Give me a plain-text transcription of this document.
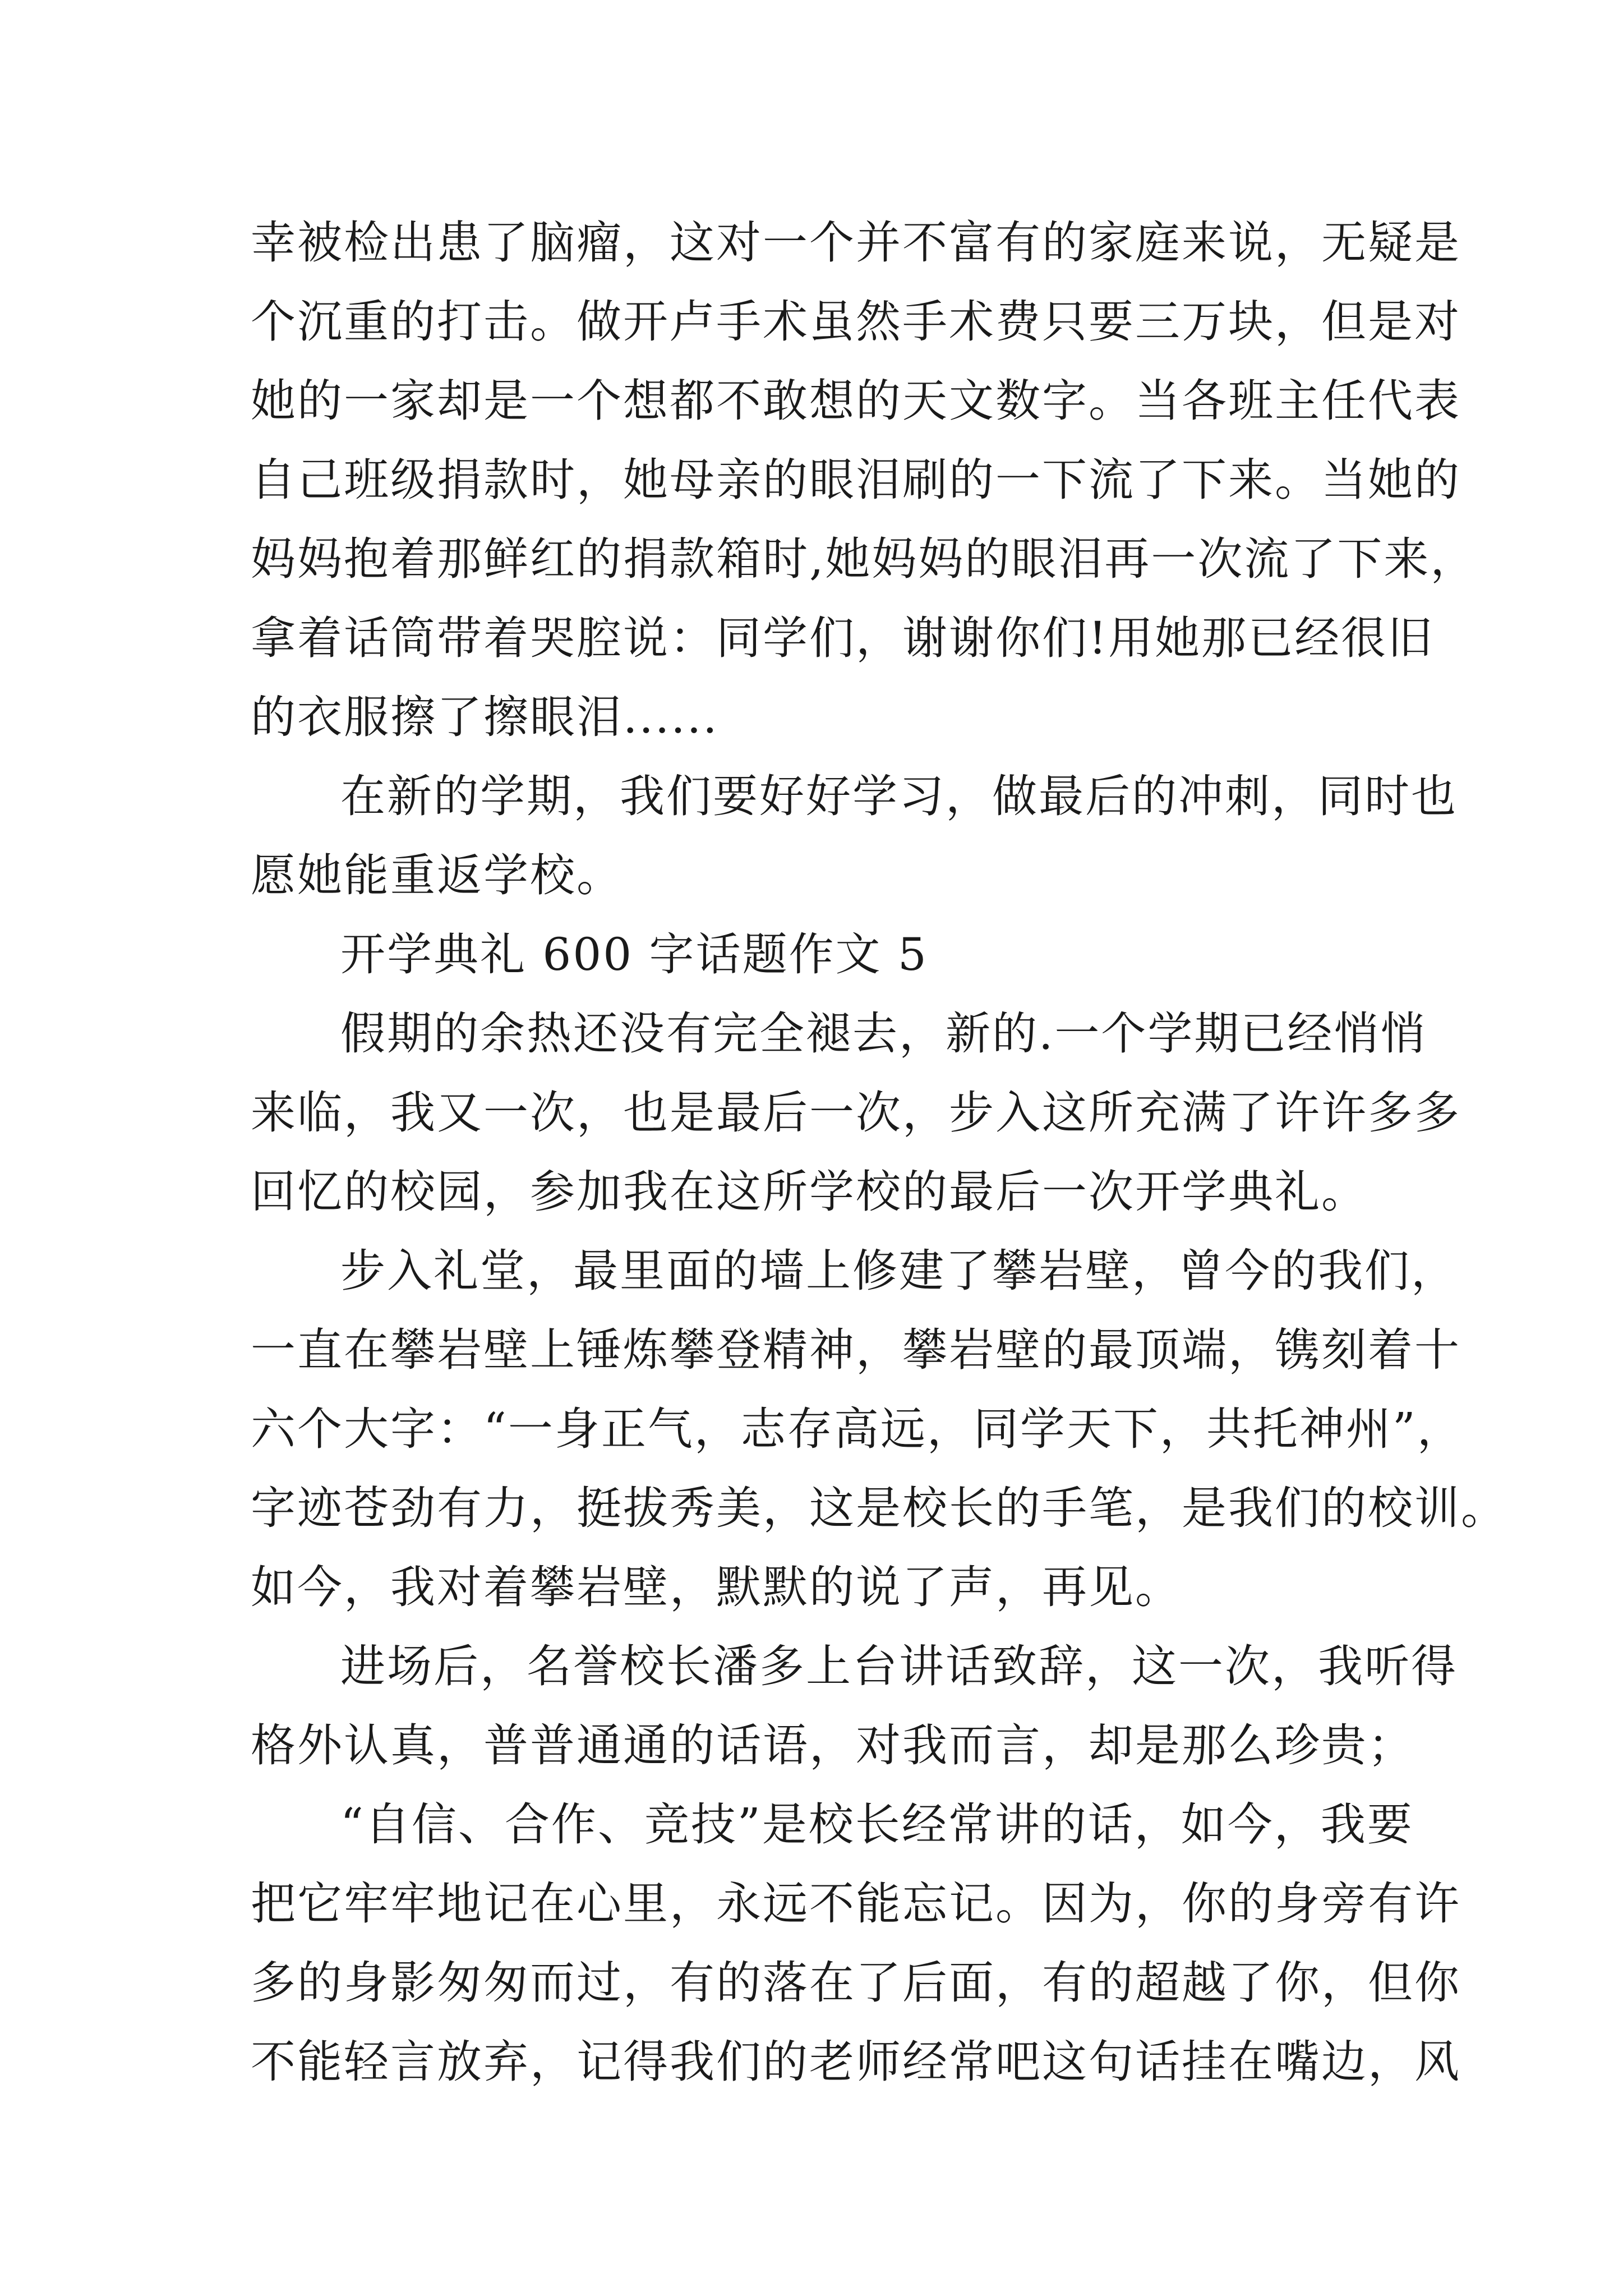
幸被检出患了脑瘤，这对一个并不富有的家庭来说，无疑是
个沉重的打击。做开卢手术虽然手术费只要三万块，但是对
她的一家却是一个想都不敢想的天文数字。当各班主任代表
自己班级捐款时，她母亲的眼泪刷的一下流了下来。当她的
妈妈抱着那鲜红的捐款箱时,她妈妈的眼泪再一次流了下来，
拿着话筒带着哭腔说：同学们，谢谢你们!用她那已经很旧
的衣服擦了擦眼泪......

在新的学期，我们要好好学习，做最后的冲刺，同时也
愿她能重返学校。

开学典礼 600 字话题作文 5

假期的余热还没有完全褪去，新的.一个学期已经悄悄
来临，我又一次，也是最后一次，步入这所充满了许许多多
回忆的校园，参加我在这所学校的最后一次开学典礼。

步入礼堂，最里面的墙上修建了攀岩壁，曾今的我们，
一直在攀岩壁上锤炼攀登精神，攀岩壁的最顶端，镌刻着十
六个大字：“一身正气，志存高远，同学天下，共托神州”，
字迹苍劲有力，挺拔秀美，这是校长的手笔，是我们的校训。
如今，我对着攀岩壁，默默的说了声，再见。

进场后，名誉校长潘多上台讲话致辞，这一次，我听得
格外认真，普普通通的话语，对我而言，却是那么珍贵；

“自信、合作、竞技”是校长经常讲的话，如今，我要
把它牢牢地记在心里，永远不能忘记。因为，你的身旁有许
多的身影匆匆而过，有的落在了后面，有的超越了你，但你
不能轻言放弃，记得我们的老师经常吧这句话挂在嘴边，风
